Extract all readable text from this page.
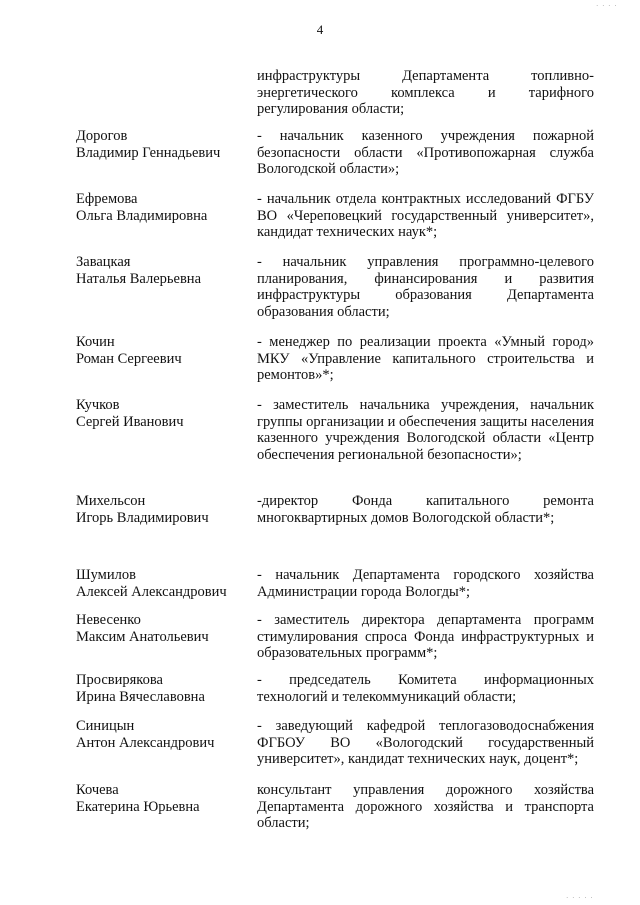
4
инфраструктуры Департамента топливно-энергетического комплекса и тарифного регулирования области;
Дорогов
Владимир Геннадьевич
- начальник казенного учреждения пожарной безопасности области «Противопожарная служба Вологодской области»;
Ефремова
Ольга Владимировна
- начальник отдела контрактных исследований ФГБУ ВО «Череповецкий государственный университет», кандидат технических наук*;
Завацкая
Наталья Валерьевна
- начальник управления программно-целевого планирования, финансирования и развития инфраструктуры образования Департамента образования области;
Кочин
Роман Сергеевич
- менеджер по реализации проекта «Умный город» МКУ «Управление капитального строительства и ремонтов»*;
Кучков
Сергей Иванович
- заместитель начальника учреждения, начальник группы организации и обеспечения защиты населения казенного учреждения Вологодской области «Центр обеспечения региональной безопасности»;
Михельсон
Игорь Владимирович
-директор Фонда капитального ремонта многоквартирных домов Вологодской области*;
Шумилов
Алексей Александрович
- начальник Департамента городского хозяйства Администрации города Вологды*;
Невесенко
Максим Анатольевич
- заместитель директора департамента программ стимулирования спроса Фонда инфраструктурных и образовательных программ*;
Просвирякова
Ирина Вячеславовна
- председатель Комитета информационных технологий и телекоммуникаций области;
Синицын
Антон Александрович
- заведующий кафедрой теплогазоводоснабжения ФГБОУ ВО «Вологодский государственный университет», кандидат технических наук, доцент*;
Кочева
Екатерина Юрьевна
консультант управления дорожного хозяйства Департамента дорожного хозяйства и транспорта области;
· · · ·
· · · · ·
